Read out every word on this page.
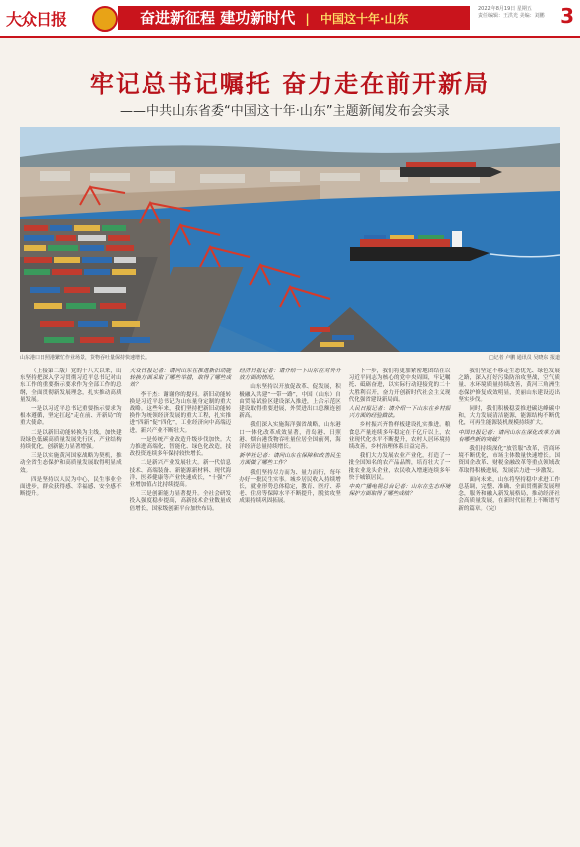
大众日报	奋进新征程 建功新时代 | 中国这十年·山东
2022年8月19日 星期五
责任编辑：王洪光 美编：刘鹏 3
牢记总书记嘱托 奋力走在前开新局
——中共山东省委“中国这十年·山东”主题新闻发布会实录
山东港口日照港繁忙作业场景，货物吞吐量保持快速增长。	□记者 卢鹏 通讯员 吴晓东 报道

（上接第二版）党的十八大以来，山东坚持把深入学习贯彻习近平总书记对山东工作的重要指示要求作为全部工作的总纲，全面贯彻新发展理念，扎实推动高质量发展。

一是以习近平总书记重要指示要求为根本遵循，坚定扛起“走在前、开新局”的重大使命。

二是以新旧动能转换为主线，加快建设绿色低碳高质量发展先行区，产业结构持续优化，创新能力显著增强。

三是以实施黄河国家战略为契机，推动全省生态保护和高质量发展取得明显成效。

四是坚持以人民为中心，民生事业全面进步，群众获得感、幸福感、安全感不断提升。

大众日报记者：请问山东在推进新旧动能转换方面采取了哪些举措，取得了哪些成效？

李干杰：谢谢你的提问。新旧动能转换是习近平总书记为山东量身定制的重大战略。这些年来，我们坚持把新旧动能转换作为统领经济发展的重大工程，扎实推进“四新”促“四化”，工业经济向中高端迈进，新兴产业不断壮大。

一是传统产业改造升级步伐加快。大力推进高端化、智能化、绿色化改造，技改投资连续多年保持较快增长。

二是新兴产业发展壮大。新一代信息技术、高端装备、新能源新材料、现代海洋、医养健康等产业快速成长，“十强”产业增加值占比持续提高。

三是创新能力显著提升。全社会研发投入强度稳步提高，高新技术企业数量成倍增长，国家级创新平台加快布局。

经济日报记者：请介绍一下山东在对外开放方面的情况。

山东坚持以开放促改革、促发展，积极融入共建“一带一路”，中国（山东）自由贸易试验区建设深入推进，上合示范区建设取得重要进展，外贸进出口总额连创新高。

我们深入实施海洋强省战略，山东港口一体化改革成效显著，青岛港、日照港、烟台港货物吞吐量位居全国前列，海洋经济总量持续增长。

新华社记者：请问山东在保障和改善民生方面做了哪些工作？

我们坚持尽力而为、量力而行，每年办好一批民生实事。城乡居民收入持续增长，就业形势总体稳定，教育、医疗、养老、住房等保障水平不断提升，脱贫攻坚成果持续巩固拓展。

下一步，我们将更加紧密地团结在以习近平同志为核心的党中央周围，牢记嘱托、砥砺奋进，以实际行动迎接党的二十大胜利召开，奋力开创新时代社会主义现代化强省建设新局面。

人民日报记者：请介绍一下山东在乡村振兴方面的经验做法。

乡村振兴齐鲁样板建设扎实推进。粮食总产量连续多年稳定在千亿斤以上，农业现代化水平不断提升，农村人居环境持续改善，乡村治理体系日益完善。

我们大力发展农业产业化，打造了一批全国知名的农产品品牌，培育壮大了一批农业龙头企业，农民收入增速连续多年快于城镇居民。

中央广播电视总台记者：山东在生态环境保护方面取得了哪些成绩？

我们坚定不移走生态优先、绿色发展之路，深入打好污染防治攻坚战，空气质量、水环境质量持续改善，黄河三角洲生态保护修复成效明显，美丽山东建设迈出坚实步伐。

同时，我们积极稳妥推进碳达峰碳中和，大力发展清洁能源，能源结构不断优化，可再生能源装机规模持续扩大。

中国日报记者：请问山东在深化改革方面有哪些新的突破？

我们持续深化“放管服”改革，营商环境不断优化，市场主体数量快速增长。国资国企改革、财税金融改革等重点领域改革取得积极进展，发展活力进一步激发。

面向未来，山东将坚持稳中求进工作总基调，完整、准确、全面贯彻新发展理念，服务和融入新发展格局，推动经济社会高质量发展，在新时代征程上不断谱写新的篇章。（完）
